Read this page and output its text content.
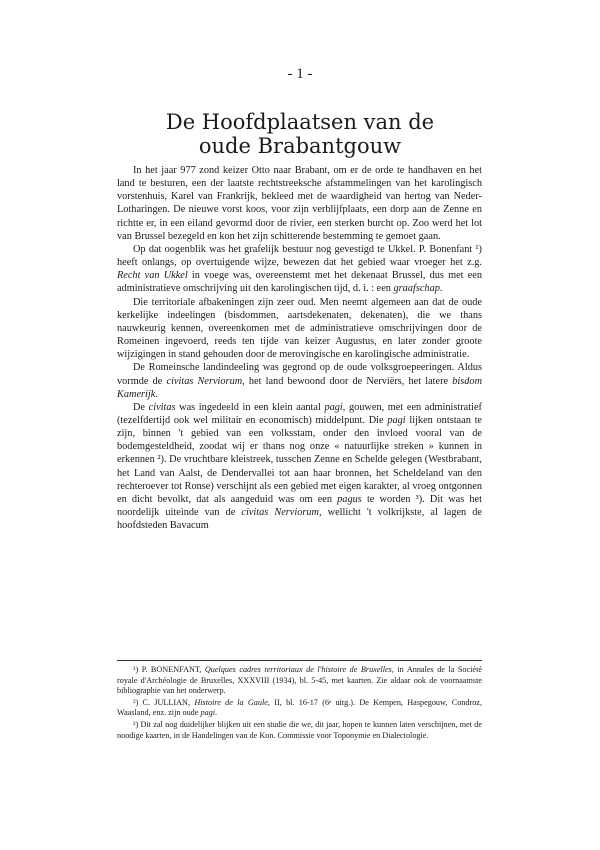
- 1 -
De Hoofdplaatsen van de
oude Brabantgouw

In het jaar 977 zond keizer Otto naar Brabant, om er de orde te handhaven en het land te besturen, een der laatste rechtstreeksche afstammelingen van het karolingisch vorstenhuis, Karel van Frankrijk, bekleed met de waardigheid van hertog van Neder-Lotharingen. De nieuwe vorst koos, voor zijn verblijfplaats, een dorp aan de Zenne en richtte er, in een eiland gevormd door de rivier, een sterken burcht op. Zoo werd het lot van Brussel bezegeld en kon het zijn schitterende bestemming te gemoet gaan.

Op dat oogenblik was het grafelijk bestuur nog gevestigd te Ukkel. P. Bonenfant ¹) heeft onlangs, op overtuigende wijze, bewezen dat het gebied waar vroeger het z.g. Recht van Ukkel in voege was, overeenstemt met het dekenaat Brussel, dus met een administratieve omschrijving uit den karolingischen tijd, d. i. : een graafschap.

Die territoriale afbakeningen zijn zeer oud. Men neemt algemeen aan dat de oude kerkelijke indeelingen (bisdommen, aartsdekenaten, dekenaten), die we thans nauwkeurig kennen, overeenkomen met de administratieve omschrijvingen door de Romeinen ingevoerd, reeds ten tijde van keizer Augustus, en later zonder groote wijzigingen in stand gehouden door de merovingische en karolingische administratie.

De Romeinsche landindeeling was gegrond op de oude volksgroepeeringen. Aldus vormde de civitas Nerviorum, het land bewoond door de Nerviërs, het latere bisdom Kamerijk.

De civitas was ingedeeld in een klein aantal pagi, gouwen, met een administratief (tezelfdertijd ook wel militair en economisch) middelpunt. Die pagi lijken ontstaan te zijn, binnen 't gebied van een volksstam, onder den invloed vooral van de bodemgesteldheid, zoodat wij er thans nog onze « natuurlijke streken » kunnen in erkennen ²). De vruchtbare kleistreek, tusschen Zenne en Schelde gelegen (Westbrabant, het Land van Aalst, de Dendervallei tot aan haar bronnen, het Scheldeland van den rechteroever tot Ronse) verschijnt als een gebied met eigen karakter, al vroeg ontgonnen en dicht bevolkt, dat als aangeduid was om een pagus te worden ³). Dit was het noordelijk uiteinde van de civitas Nerviorum, wellicht 't volkrijkste, al lagen de hoofdsteden Bavacum

¹) P. BONENFANT, Quelques cadres territoriaux de l'histoire de Bruxelles, in Annales de la Société royale d'Archéologie de Bruxelles, XXXVIII (1934), bl. 5-45, met kaarten. Zie aldaar ook de voornaamste bibliographie van het onderwerp.

²) C. JULLIAN, Histoire de la Gaule, II, bl. 16-17 (6ᵉ uitg.). De Kempen, Haspegouw, Condroz, Waasland, enz. zijn oude pagi.

³) Dit zal nog duidelijker blijken uit een studie die we, dit jaar, hopen te kunnen laten verschijnen, met de noodige kaarten, in de Handelingen van de Kon. Commissie voor Toponymie en Dialectologie.
